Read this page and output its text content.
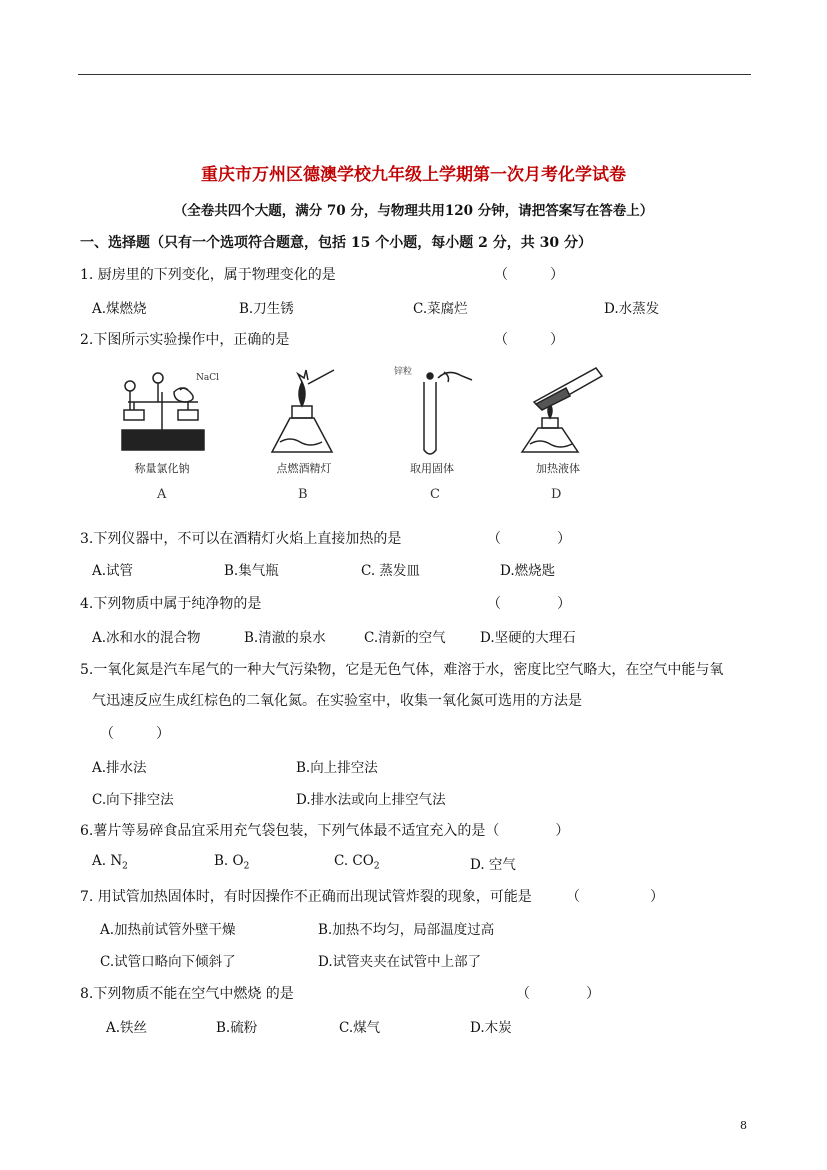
重庆市万州区德澳学校九年级上学期第一次月考化学试卷
（全卷共四个大题，满分 70 分，与物理共用120 分钟，请把答案写在答卷上）
一、选择题（只有一个选项符合题意，包括 15 个小题，每小题 2 分，共 30 分）
1. 厨房里的下列变化，属于物理变化的是	（　　　）
A.煤燃烧	B.刀生锈	C.菜腐烂	D.水蒸发
2.下图所示实验操作中，正确的是	（　　　）
NaCl
称量氯化钠
A
点燃酒精灯
B
锌粒
取用固体
C
加热液体
D
3.下列仪器中，不可以在酒精灯火焰上直接加热的是	（　　　　）
A.试管	B.集气瓶	C. 蒸发皿	D.燃烧匙
4.下列物质中属于纯净物的是	（　　　　）
A.冰和水的混合物	B.清澈的泉水	C.清新的空气	D.坚硬的大理石
5.一氧化氮是汽车尾气的一种大气污染物，它是无色气体，难溶于水，密度比空气略大，在空气中能与氧
气迅速反应生成红棕色的二氧化氮。在实验室中，收集一氧化氮可选用的方法是
（　　　）
A.排水法	B.向上排空法
C.向下排空法	D.排水法或向上排空气法
6.薯片等易碎食品宜采用充气袋包装，下列气体最不适宜充入的是（　　　　）
A. $N_2$	B. $O_2$	C. $CO_2$	D. 空气
7. 用试管加热固体时，有时因操作不正确而出现试管炸裂的现象，可能是 （　　　　　）
A.加热前试管外壁干燥	B.加热不均匀，局部温度过高
C.试管口略向下倾斜了	D.试管夹夹在试管中上部了
8.下列物质不能在空气中燃烧 的是	（　　　　）
A.铁丝	B.硫粉	C.煤气	D.木炭
8
